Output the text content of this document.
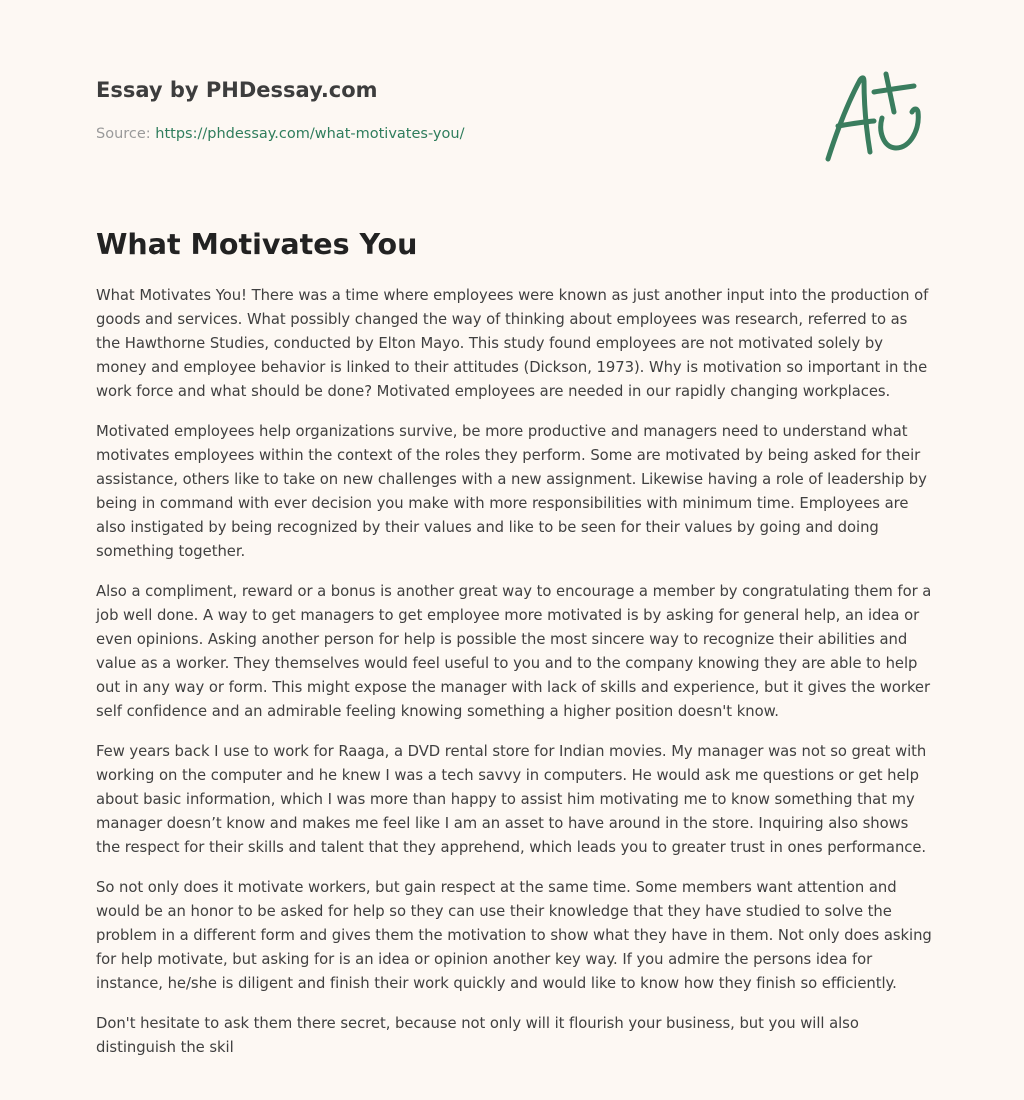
Essay by PHDessay.com
Source: https://phdessay.com/what-motivates-you/
A+
What Motivates You

What Motivates You! There was a time where employees were known as just another input into the production of goods and services. What possibly changed the way of thinking about employees was research, referred to as the Hawthorne Studies, conducted by Elton Mayo. This study found employees are not motivated solely by money and employee behavior is linked to their attitudes (Dickson, 1973). Why is motivation so important in the work force and what should be done? Motivated employees are needed in our rapidly changing workplaces.

Motivated employees help organizations survive, be more productive and managers need to understand what motivates employees within the context of the roles they perform. Some are motivated by being asked for their assistance, others like to take on new challenges with a new assignment. Likewise having a role of leadership by being in command with ever decision you make with more responsibilities with minimum time. Employees are also instigated by being recognized by their values and like to be seen for their values by going and doing something together.

Also a compliment, reward or a bonus is another great way to encourage a member by congratulating them for a job well done. A way to get managers to get employee more motivated is by asking for general help, an idea or even opinions. Asking another person for help is possible the most sincere way to recognize their abilities and value as a worker. They themselves would feel useful to you and to the company knowing they are able to help out in any way or form. This might expose the manager with lack of skills and experience, but it gives the worker self confidence and an admirable feeling knowing something a higher position doesn't know.

Few years back I use to work for Raaga, a DVD rental store for Indian movies. My manager was not so great with working on the computer and he knew I was a tech savvy in computers. He would ask me questions or get help about basic information, which I was more than happy to assist him motivating me to know something that my manager doesn’t know and makes me feel like I am an asset to have around in the store. Inquiring also shows the respect for their skills and talent that they apprehend, which leads you to greater trust in ones performance.

So not only does it motivate workers, but gain respect at the same time. Some members want attention and would be an honor to be asked for help so they can use their knowledge that they have studied to solve the problem in a different form and gives them the motivation to show what they have in them. Not only does asking for help motivate, but asking for is an idea or opinion another key way. If you admire the persons idea for instance, he/she is diligent and finish their work quickly and would like to know how they finish so efficiently.

Don't hesitate to ask them there secret, because not only will it flourish your business, but you will also distinguish the skil
